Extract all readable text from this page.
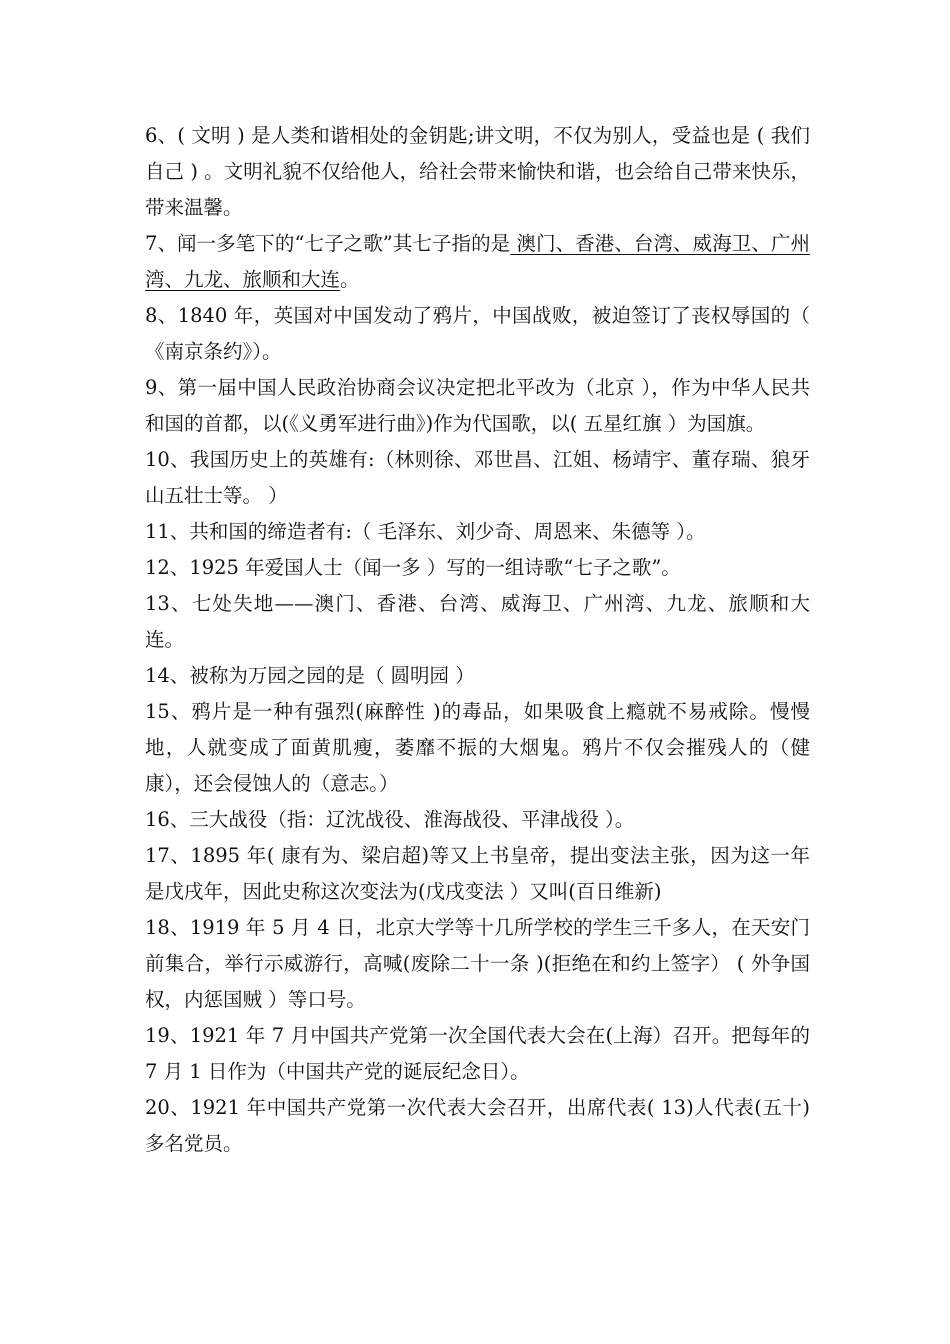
6、( 文明 ) 是人类和谐相处的金钥匙;讲文明，不仅为别人，受益也是 ( 我们自己 ) 。文明礼貌不仅给他人，给社会带来愉快和谐，也会给自己带来快乐，带来温馨。

7、闻一多笔下的“七子之歌”其七子指的是 澳门、香港、台湾、威海卫、广州湾、九龙、旅顺和大连。

8、1840 年，英国对中国发动了鸦片，中国战败，被迫签订了丧权辱国的（ 《南京条约》）。

9、第一届中国人民政治协商会议决定把北平改为（北京 ），作为中华人民共和国的首都，以(《义勇军进行曲》)作为代国歌，以( 五星红旗 ）为国旗。

10、我国历史上的英雄有:（林则徐、邓世昌、江姐、杨靖宇、董存瑞、狼牙山五壮士等。 ）

11、共和国的缔造者有:（ 毛泽东、刘少奇、周恩来、朱德等 ）。

12、1925 年爱国人士（闻一多 ）写的一组诗歌“七子之歌”。

13、七处失地——澳门、香港、台湾、威海卫、广州湾、九龙、旅顺和大连。

14、被称为万园之园的是（ 圆明园 ）

15、鸦片是一种有强烈(麻醉性 )的毒品，如果吸食上瘾就不易戒除。慢慢地，人就变成了面黄肌瘦，萎靡不振的大烟鬼。鸦片不仅会摧残人的（健康），还会侵蚀人的（意志。）

16、三大战役（指：辽沈战役、淮海战役、平津战役 ）。

17、1895 年( 康有为、梁启超)等又上书皇帝，提出变法主张，因为这一年是戊戌年，因此史称这次变法为(戊戌变法 ）又叫(百日维新)

18、1919 年 5 月 4 日，北京大学等十几所学校的学生三千多人，在天安门前集合，举行示威游行，高喊(废除二十一条 )(拒绝在和约上签字） ( 外争国权，内惩国贼 ）等口号。

19、1921 年 7 月中国共产党第一次全国代表大会在(上海）召开。把每年的 7 月 1 日作为（中国共产党的诞辰纪念日）。

20、1921 年中国共产党第一次代表大会召开，出席代表( 13)人代表(五十) 多名党员。
